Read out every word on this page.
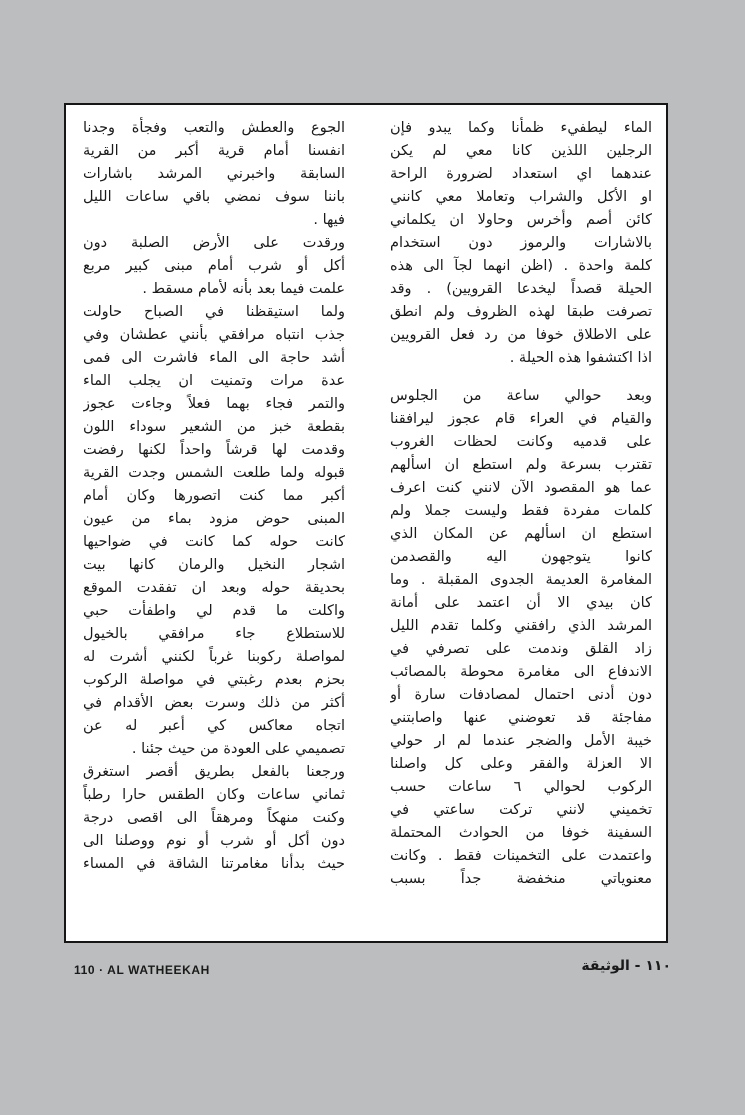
الماء ليطفيء ظمأنا وكما يبدو فإن
الرجلين اللذين كانا معي لم يكن
عندهما اي استعداد لضرورة الراحة
او الأكل والشراب وتعاملا معي كانني
كائن أصم وأخرس وحاولا ان يكلماني
بالاشارات والرموز دون استخدام
كلمة واحدة . (اظن انهما لجآ الى هذه
الحيلة قصداً ليخدعا القرويين) . وقد
تصرفت طبقا لهذه الظروف ولم انطق
على الاطلاق خوفا من رد فعل القرويين
اذا اكتشفوا هذه الحيلة .
وبعد حوالي ساعة من الجلوس
والقيام في العراء قام عجوز ليرافقنا
على قدميه وكانت لحظات الغروب
تقترب بسرعة ولم استطع ان اسألهم
عما هو المقصود الآن لانني كنت اعرف
كلمات مفردة فقط وليست جملا ولم
استطع ان اسألهم عن المكان الذي
كانوا يتوجهون اليه والقصدمن
المغامرة العديمة الجدوى المقبلة . وما
كان بيدي الا أن اعتمد على أمانة
المرشد الذي رافقني وكلما تقدم الليل
زاد القلق وندمت على تصرفي في
الاندفاع الى مغامرة محوطة بالمصائب
دون أدنى احتمال لمصادفات سارة أو
مفاجئة قد تعوضني عنها واصابتني
خيبة الأمل والضجر عندما لم ار حولي
الا العزلة والفقر وعلى كل واصلنا
الركوب لحوالي ٦ ساعات حسب
تخميني لانني تركت ساعتي في
السفينة خوفا من الحوادث المحتملة
واعتمدت على التخمينات فقط . وكانت
معنوياتي منخفضة جداً بسبب
الجوع والعطش والتعب وفجأة وجدنا
انفسنا أمام قرية أكبر من القرية
السابقة واخبرني المرشد باشارات
باننا سوف نمضي باقي ساعات الليل
فيها .
ورقدت على الأرض الصلبة دون
أكل أو شرب أمام مبنى كبير مربع
علمت فيما بعد بأنه لأمام مسقط .
ولما استيقظنا في الصباح حاولت
جذب انتباه مرافقي بأنني عطشان وفي
أشد حاجة الى الماء فاشرت الى فمى
عدة مرات وتمنيت ان يجلب الماء
والتمر فجاء بهما فعلاً وجاءت عجوز
بقطعة خبز من الشعير سوداء اللون
وقدمت لها قرشاً واحداً لكنها رفضت
قبوله ولما طلعت الشمس وجدت القرية
أكبر مما كنت اتصورها وكان أمام
المبنى حوض مزود بماء من عيون
كانت حوله كما كانت في ضواحيها
اشجار النخيل والرمان كانها بيت
بحديقة حوله وبعد ان تفقدت الموقع
واكلت ما قدم لي واطفأت حبي
للاستطلاع جاء مرافقي بالخيول
لمواصلة ركوبنا غرباً لكنني أشرت له
بحزم بعدم رغبتي في مواصلة الركوب
أكثر من ذلك وسرت بعض الأقدام في
اتجاه معاكس كي أعبر له عن
تصميمي على العودة من حيث جئنا .
ورجعنا بالفعل بطريق أقصر استغرق
ثماني ساعات وكان الطقس حارا رطباً
وكنت منهكاً ومرهقاً الى اقصى درجة
دون أكل أو شرب أو نوم ووصلنا الى
حيث بدأنا مغامرتنا الشاقة في المساء
110 · AL WATHEEKAH	١١٠ - الوثيقة
